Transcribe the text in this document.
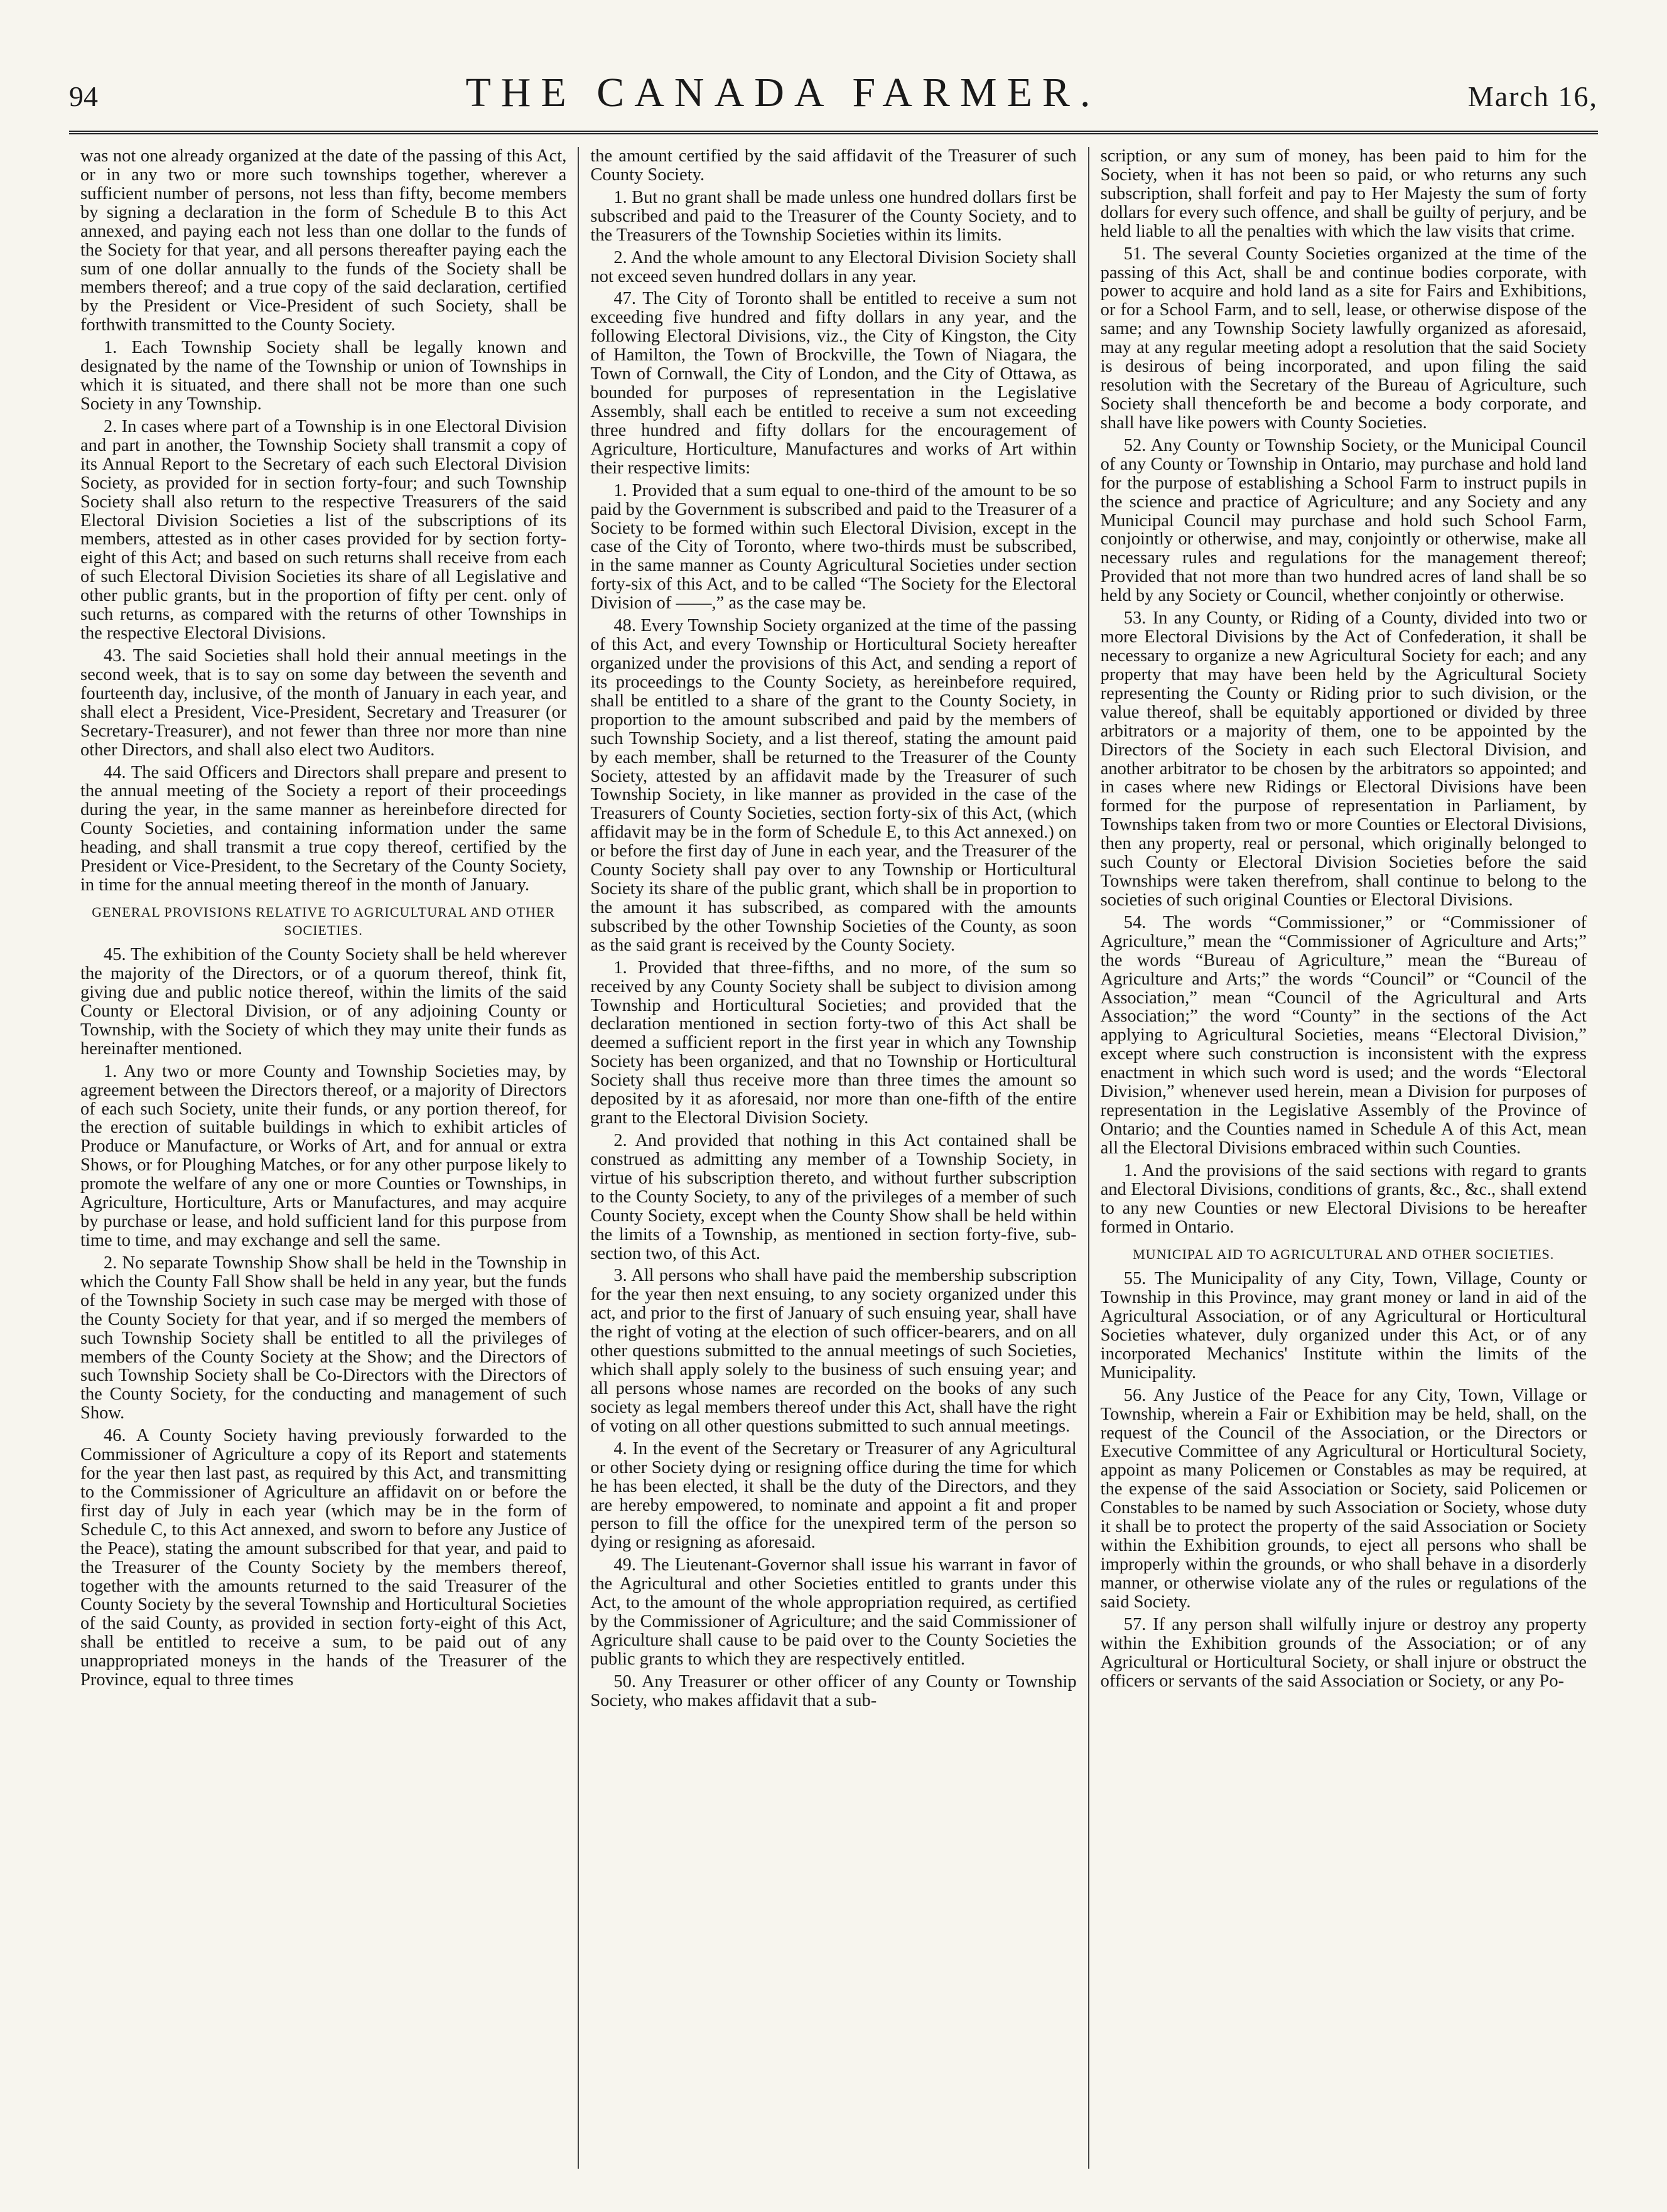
94	THE CANADA FARMER.	March 16,

was not one already organized at the date of the passing of this Act, or in any two or more such townships together, wherever a sufficient number of persons, not less than fifty, become members by signing a declaration in the form of Schedule B to this Act annexed, and paying each not less than one dollar to the funds of the Society for that year, and all persons thereafter paying each the sum of one dollar annually to the funds of the Society shall be members thereof; and a true copy of the said declaration, certified by the President or Vice-President of such Society, shall be forthwith transmitted to the County Society.

1. Each Township Society shall be legally known and designated by the name of the Township or union of Townships in which it is situated, and there shall not be more than one such Society in any Township.

2. In cases where part of a Township is in one Electoral Division and part in another, the Township Society shall transmit a copy of its Annual Report to the Secretary of each such Electoral Division Society, as provided for in section forty-four; and such Township Society shall also return to the respective Treasurers of the said Electoral Division Societies a list of the subscriptions of its members, attested as in other cases provided for by section forty-eight of this Act; and based on such returns shall receive from each of such Electoral Division Societies its share of all Legislative and other public grants, but in the proportion of fifty per cent. only of such returns, as compared with the returns of other Townships in the respective Electoral Divisions.

43. The said Societies shall hold their annual meetings in the second week, that is to say on some day between the seventh and fourteenth day, inclusive, of the month of January in each year, and shall elect a President, Vice-President, Secretary and Treasurer (or Secretary-Treasurer), and not fewer than three nor more than nine other Directors, and shall also elect two Auditors.

44. The said Officers and Directors shall prepare and present to the annual meeting of the Society a report of their proceedings during the year, in the same manner as hereinbefore directed for County Societies, and containing information under the same heading, and shall transmit a true copy thereof, certified by the President or Vice-President, to the Secretary of the County Society, in time for the annual meeting thereof in the month of January.

GENERAL PROVISIONS RELATIVE TO AGRICULTURAL AND OTHER SOCIETIES.

45. The exhibition of the County Society shall be held wherever the majority of the Directors, or of a quorum thereof, think fit, giving due and public notice thereof, within the limits of the said County or Electoral Division, or of any adjoining County or Township, with the Society of which they may unite their funds as hereinafter mentioned.

1. Any two or more County and Township Societies may, by agreement between the Directors thereof, or a majority of Directors of each such Society, unite their funds, or any portion thereof, for the erection of suitable buildings in which to exhibit articles of Produce or Manufacture, or Works of Art, and for annual or extra Shows, or for Ploughing Matches, or for any other purpose likely to promote the welfare of any one or more Counties or Townships, in Agriculture, Horticulture, Arts or Manufactures, and may acquire by purchase or lease, and hold sufficient land for this purpose from time to time, and may exchange and sell the same.

2. No separate Township Show shall be held in the Township in which the County Fall Show shall be held in any year, but the funds of the Township Society in such case may be merged with those of the County Society for that year, and if so merged the members of such Township Society shall be entitled to all the privileges of members of the County Society at the Show; and the Directors of such Township Society shall be Co-Directors with the Directors of the County Society, for the conducting and management of such Show.

46. A County Society having previously forwarded to the Commissioner of Agriculture a copy of its Report and statements for the year then last past, as required by this Act, and transmitting to the Commissioner of Agriculture an affidavit on or before the first day of July in each year (which may be in the form of Schedule C, to this Act annexed, and sworn to before any Justice of the Peace), stating the amount subscribed for that year, and paid to the Treasurer of the County Society by the members thereof, together with the amounts returned to the said Treasurer of the County Society by the several Township and Horticultural Societies of the said County, as provided in section forty-eight of this Act, shall be entitled to receive a sum, to be paid out of any unappropriated moneys in the hands of the Treasurer of the Province, equal to three times

the amount certified by the said affidavit of the Treasurer of such County Society.

1. But no grant shall be made unless one hundred dollars first be subscribed and paid to the Treasurer of the County Society, and to the Treasurers of the Township Societies within its limits.

2. And the whole amount to any Electoral Division Society shall not exceed seven hundred dollars in any year.

47. The City of Toronto shall be entitled to receive a sum not exceeding five hundred and fifty dollars in any year, and the following Electoral Divisions, viz., the City of Kingston, the City of Hamilton, the Town of Brockville, the Town of Niagara, the Town of Cornwall, the City of London, and the City of Ottawa, as bounded for purposes of representation in the Legislative Assembly, shall each be entitled to receive a sum not exceeding three hundred and fifty dollars for the encouragement of Agriculture, Horticulture, Manufactures and works of Art within their respective limits:

1. Provided that a sum equal to one-third of the amount to be so paid by the Government is subscribed and paid to the Treasurer of a Society to be formed within such Electoral Division, except in the case of the City of Toronto, where two-thirds must be subscribed, in the same manner as County Agricultural Societies under section forty-six of this Act, and to be called “The Society for the Electoral Division of ——,” as the case may be.

48. Every Township Society organized at the time of the passing of this Act, and every Township or Horticultural Society hereafter organized under the provisions of this Act, and sending a report of its proceedings to the County Society, as hereinbefore required, shall be entitled to a share of the grant to the County Society, in proportion to the amount subscribed and paid by the members of such Township Society, and a list thereof, stating the amount paid by each member, shall be returned to the Treasurer of the County Society, attested by an affidavit made by the Treasurer of such Township Society, in like manner as provided in the case of the Treasurers of County Societies, section forty-six of this Act, (which affidavit may be in the form of Schedule E, to this Act annexed.) on or before the first day of June in each year, and the Treasurer of the County Society shall pay over to any Township or Horticultural Society its share of the public grant, which shall be in proportion to the amount it has subscribed, as compared with the amounts subscribed by the other Township Societies of the County, as soon as the said grant is received by the County Society.

1. Provided that three-fifths, and no more, of the sum so received by any County Society shall be subject to division among Township and Horticultural Societies; and provided that the declaration mentioned in section forty-two of this Act shall be deemed a sufficient report in the first year in which any Township Society has been organized, and that no Township or Horticultural Society shall thus receive more than three times the amount so deposited by it as aforesaid, nor more than one-fifth of the entire grant to the Electoral Division Society.

2. And provided that nothing in this Act contained shall be construed as admitting any member of a Township Society, in virtue of his subscription thereto, and without further subscription to the County Society, to any of the privileges of a member of such County Society, except when the County Show shall be held within the limits of a Township, as mentioned in section forty-five, sub-section two, of this Act.

3. All persons who shall have paid the membership subscription for the year then next ensuing, to any society organized under this act, and prior to the first of January of such ensuing year, shall have the right of voting at the election of such officer-bearers, and on all other questions submitted to the annual meetings of such Societies, which shall apply solely to the business of such ensuing year; and all persons whose names are recorded on the books of any such society as legal members thereof under this Act, shall have the right of voting on all other questions submitted to such annual meetings.

4. In the event of the Secretary or Treasurer of any Agricultural or other Society dying or resigning office during the time for which he has been elected, it shall be the duty of the Directors, and they are hereby empowered, to nominate and appoint a fit and proper person to fill the office for the unexpired term of the person so dying or resigning as aforesaid.

49. The Lieutenant-Governor shall issue his warrant in favor of the Agricultural and other Societies entitled to grants under this Act, to the amount of the whole appropriation required, as certified by the Commissioner of Agriculture; and the said Commissioner of Agriculture shall cause to be paid over to the County Societies the public grants to which they are respectively entitled.

50. Any Treasurer or other officer of any County or Township Society, who makes affidavit that a sub-

scription, or any sum of money, has been paid to him for the Society, when it has not been so paid, or who returns any such subscription, shall forfeit and pay to Her Majesty the sum of forty dollars for every such offence, and shall be guilty of perjury, and be held liable to all the penalties with which the law visits that crime.

51. The several County Societies organized at the time of the passing of this Act, shall be and continue bodies corporate, with power to acquire and hold land as a site for Fairs and Exhibitions, or for a School Farm, and to sell, lease, or otherwise dispose of the same; and any Township Society lawfully organized as aforesaid, may at any regular meeting adopt a resolution that the said Society is desirous of being incorporated, and upon filing the said resolution with the Secretary of the Bureau of Agriculture, such Society shall thenceforth be and become a body corporate, and shall have like powers with County Societies.

52. Any County or Township Society, or the Municipal Council of any County or Township in Ontario, may purchase and hold land for the purpose of establishing a School Farm to instruct pupils in the science and practice of Agriculture; and any Society and any Municipal Council may purchase and hold such School Farm, conjointly or otherwise, and may, conjointly or otherwise, make all necessary rules and regulations for the management thereof; Provided that not more than two hundred acres of land shall be so held by any Society or Council, whether conjointly or otherwise.

53. In any County, or Riding of a County, divided into two or more Electoral Divisions by the Act of Confederation, it shall be necessary to organize a new Agricultural Society for each; and any property that may have been held by the Agricultural Society representing the County or Riding prior to such division, or the value thereof, shall be equitably apportioned or divided by three arbitrators or a majority of them, one to be appointed by the Directors of the Society in each such Electoral Division, and another arbitrator to be chosen by the arbitrators so appointed; and in cases where new Ridings or Electoral Divisions have been formed for the purpose of representation in Parliament, by Townships taken from two or more Counties or Electoral Divisions, then any property, real or personal, which originally belonged to such County or Electoral Division Societies before the said Townships were taken therefrom, shall continue to belong to the societies of such original Counties or Electoral Divisions.

54. The words “Commissioner,” or “Commissioner of Agriculture,” mean the “Commissioner of Agriculture and Arts;” the words “Bureau of Agriculture,” mean the “Bureau of Agriculture and Arts;” the words “Council” or “Council of the Association,” mean “Council of the Agricultural and Arts Association;” the word “County” in the sections of the Act applying to Agricultural Societies, means “Electoral Division,” except where such construction is inconsistent with the express enactment in which such word is used; and the words “Electoral Division,” whenever used herein, mean a Division for purposes of representation in the Legislative Assembly of the Province of Ontario; and the Counties named in Schedule A of this Act, mean all the Electoral Divisions embraced within such Counties.

1. And the provisions of the said sections with regard to grants and Electoral Divisions, conditions of grants, &c., &c., shall extend to any new Counties or new Electoral Divisions to be hereafter formed in Ontario.

MUNICIPAL AID TO AGRICULTURAL AND OTHER SOCIETIES.

55. The Municipality of any City, Town, Village, County or Township in this Province, may grant money or land in aid of the Agricultural Association, or of any Agricultural or Horticultural Societies whatever, duly organized under this Act, or of any incorporated Mechanics' Institute within the limits of the Municipality.

56. Any Justice of the Peace for any City, Town, Village or Township, wherein a Fair or Exhibition may be held, shall, on the request of the Council of the Association, or the Directors or Executive Committee of any Agricultural or Horticultural Society, appoint as many Policemen or Constables as may be required, at the expense of the said Association or Society, said Policemen or Constables to be named by such Association or Society, whose duty it shall be to protect the property of the said Association or Society within the Exhibition grounds, to eject all persons who shall be improperly within the grounds, or who shall behave in a disorderly manner, or otherwise violate any of the rules or regulations of the said Society.

57. If any person shall wilfully injure or destroy any property within the Exhibition grounds of the Association; or of any Agricultural or Horticultural Society, or shall injure or obstruct the officers or servants of the said Association or Society, or any Po-
